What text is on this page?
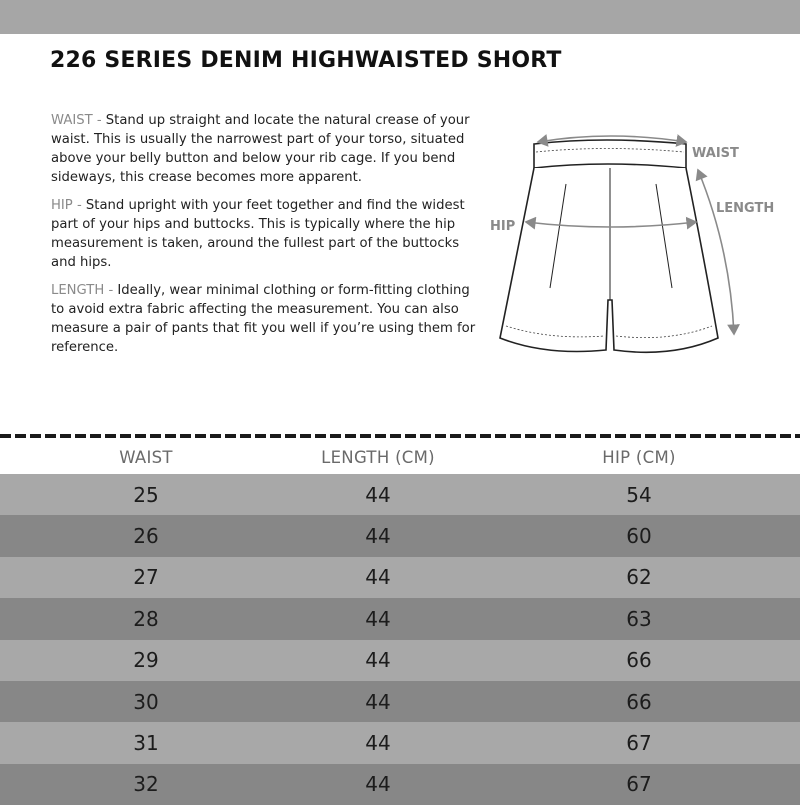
226 SERIES DENIM HIGHWAISTED SHORT

WAIST - Stand up straight and locate the natural crease of your waist. This is usually the narrowest part of your torso, situated above your belly button and below your rib cage. If you bend sideways, this crease becomes more apparent.

HIP - Stand upright with your feet together and find the widest part of your hips and buttocks. This is typically where the hip measurement is taken, around the fullest part of the buttocks and hips.

LENGTH - Ideally, wear minimal clothing or form-fitting clothing to avoid extra fabric affecting the measurement. You can also measure a pair of pants that fit you well if you’re using them for reference.

WAIST
HIP
LENGTH
WAIST	LENGTH (CM)	HIP (CM)
25	44	54
26	44	60
27	44	62
28	44	63
29	44	66
30	44	66
31	44	67
32	44	67
